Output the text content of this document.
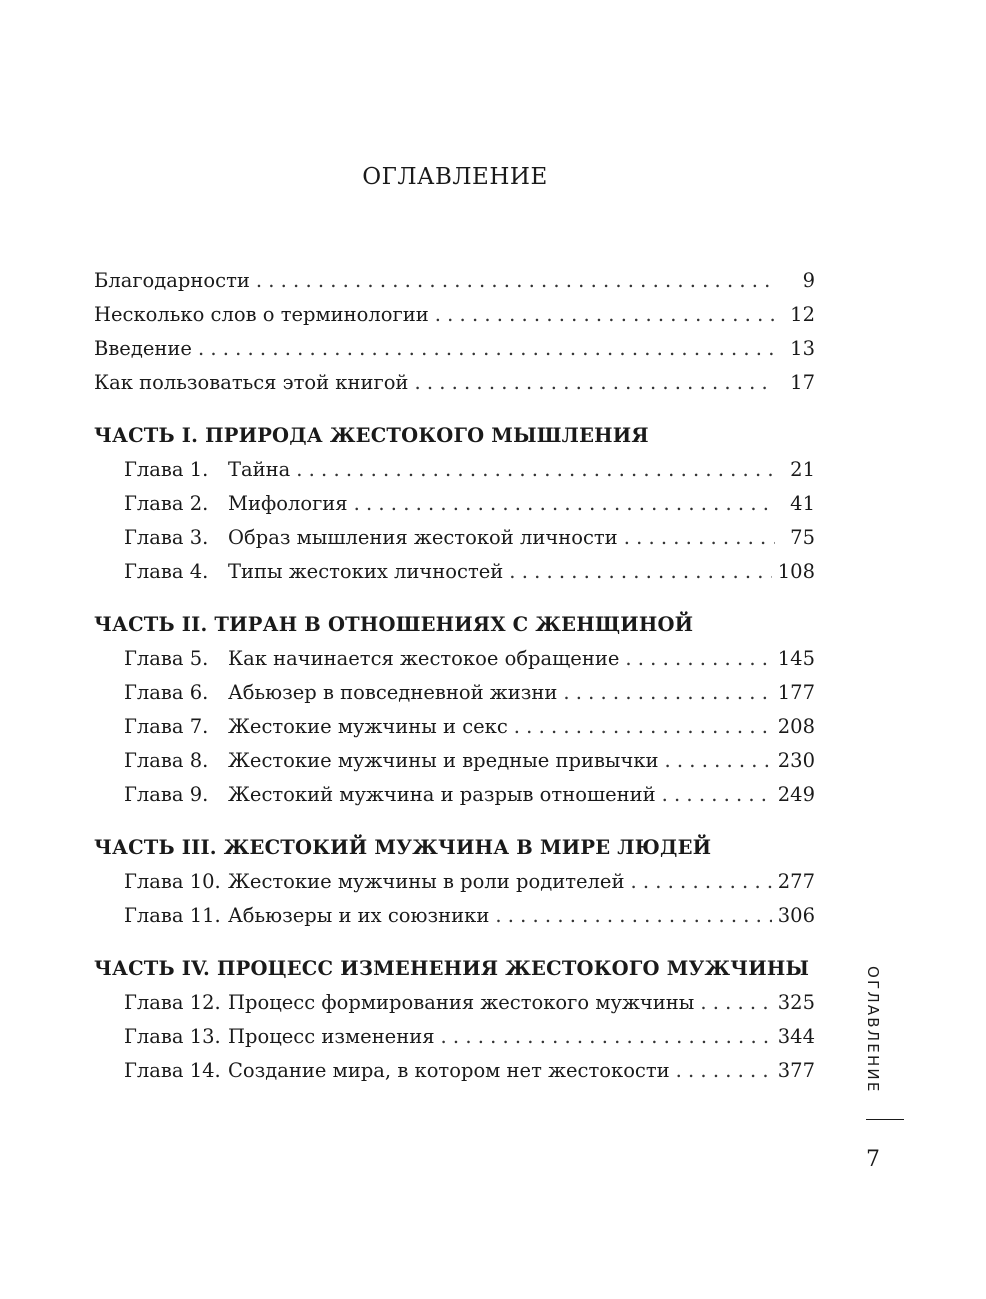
ОГЛАВЛЕНИЕ
Благодарности . . .	9
Несколько слов о терминологии . . .	12
Введение . . .	13
Как пользоваться этой книгой . . .	17
ЧАСТЬ I. ПРИРОДА ЖЕСТОКОГО МЫШЛЕНИЯ
Глава 1.	Тайна . . .	21
Глава 2.	Мифология . . .	41
Глава 3.	Образ мышления жестокой личности . . .	75
Глава 4.	Типы жестоких личностей . . .	108
ЧАСТЬ II. ТИРАН В ОТНОШЕНИЯХ С ЖЕНЩИНОЙ
Глава 5.	Как начинается жестокое обращение . . .	145
Глава 6.	Абьюзер в повседневной жизни . . .	177
Глава 7.	Жестокие мужчины и секс . . .	208
Глава 8.	Жестокие мужчины и вредные привычки . . .	230
Глава 9.	Жестокий мужчина и разрыв отношений . . .	249
ЧАСТЬ III. ЖЕСТОКИЙ МУЖЧИНА В МИРЕ ЛЮДЕЙ
Глава 10. Жестокие мужчины в роли родителей . . .	277
Глава 11. Абьюзеры и их союзники . . .	306
ЧАСТЬ IV. ПРОЦЕСС ИЗМЕНЕНИЯ ЖЕСТОКОГО МУЖЧИНЫ
Глава 12. Процесс формирования жестокого мужчины . . .	325
Глава 13. Процесс изменения . . .	344
Глава 14. Создание мира, в котором нет жестокости . . .	377	ОГЛАВЛЕНИЕ
7
